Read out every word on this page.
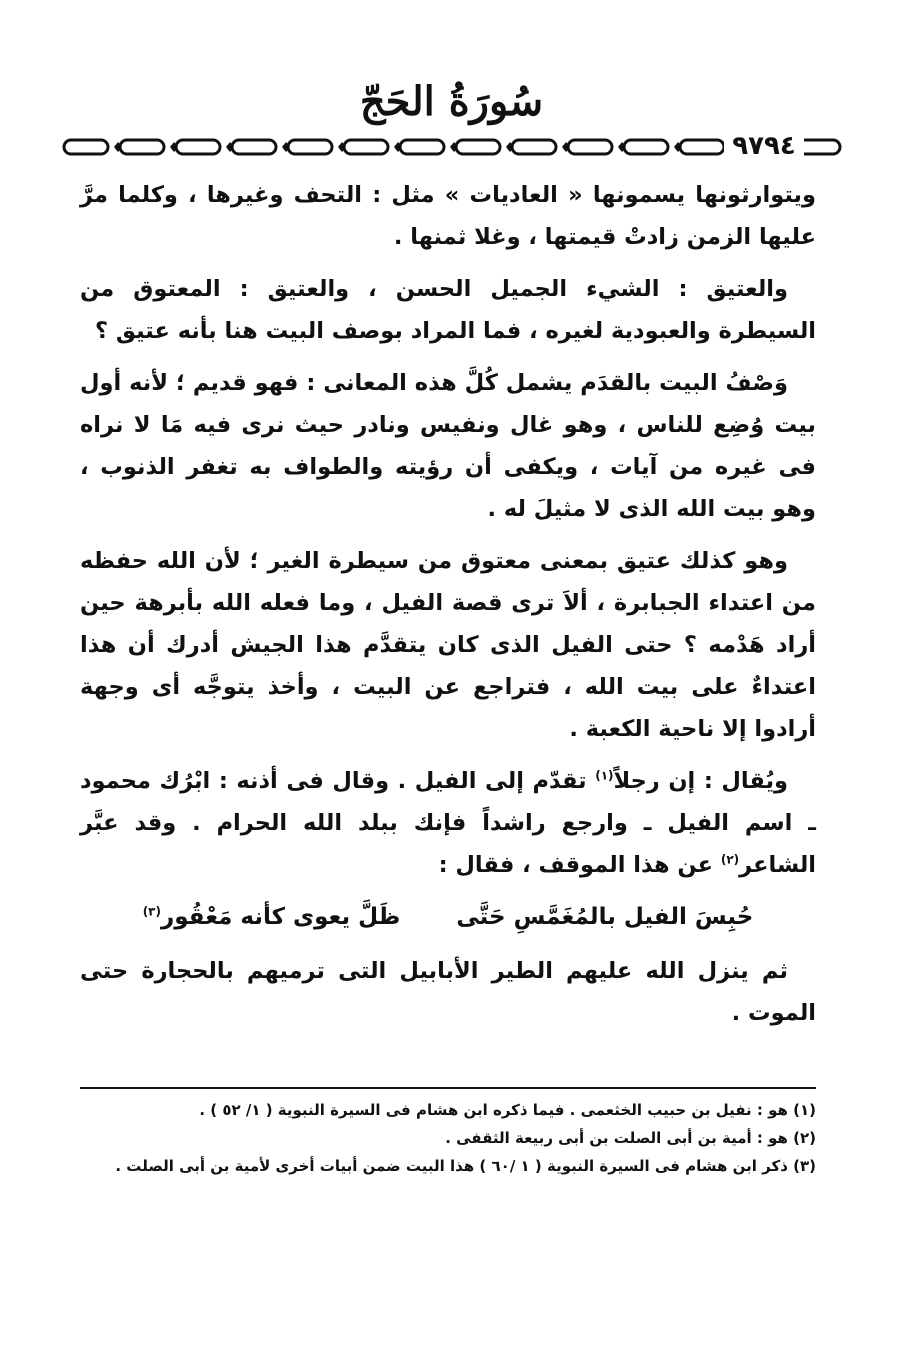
سُورَةُ الحَجّ
٩٧٩٤

ويتوارثونها يسمونها « العاديات » مثل : التحف وغيرها ، وكلما مرَّ عليها الزمن زادتْ قيمتها ، وغلا ثمنها .

والعتيق : الشيء الجميل الحسن ، والعتيق : المعتوق من السيطرة والعبودية لغيره ، فما المراد بوصف البيت هنا بأنه عتيق ؟

وَصْفُ البيت بالقدَم يشمل كُلَّ هذه المعانى : فهو قديم ؛ لأنه أول بيت وُضِع للناس ، وهو غال ونفيس ونادر حيث نرى فيه مَا لا نراه فى غيره من آيات ، ويكفى أن رؤيته والطواف به تغفر الذنوب ، وهو بيت الله الذى لا مثيلَ له .

وهو كذلك عتيق بمعنى معتوق من سيطرة الغير ؛ لأن الله حفظه من اعتداء الجبابرة ، ألاَ ترى قصة الفيل ، وما فعله الله بأبرهة حين أراد هَدْمه ؟ حتى الفيل الذى كان يتقدَّم هذا الجيش أدرك أن هذا اعتداءٌ على بيت الله ، فتراجع عن البيت ، وأخذ يتوجَّه أى وجهة أرادوا إلا ناحية الكعبة .

ويُقال : إن رجلاً$^{(١)}$ تقدّم إلى الفيل . وقال فى أذنه : ابْرُك محمود ـ اسم الفيل ـ وارجع راشداً فإنك ببلد الله الحرام . وقد عبَّر الشاعر$^{(٢)}$ عن هذا الموقف ، فقال :

حُبِسَ الفيل بالمُغَمَّسِ حَتَّى
ظَلَّ يعوى كأنه مَعْقُور$^{(٣)}$

ثم ينزل الله عليهم الطير الأبابيل التى ترميهم بالحجارة حتى الموت .

(١) هو : نفيل بن حبيب الخثعمى . فيما ذكره ابن هشام فى السيرة النبوية ( ١/ ٥٢ ) .
(٢) هو : أمية بن أبى الصلت بن أبى ربيعة الثقفى .
(٣) ذكر ابن هشام فى السيرة النبوية ( ١ /٦٠ ) هذا البيت ضمن أبيات أخرى لأمية بن أبى الصلت .
